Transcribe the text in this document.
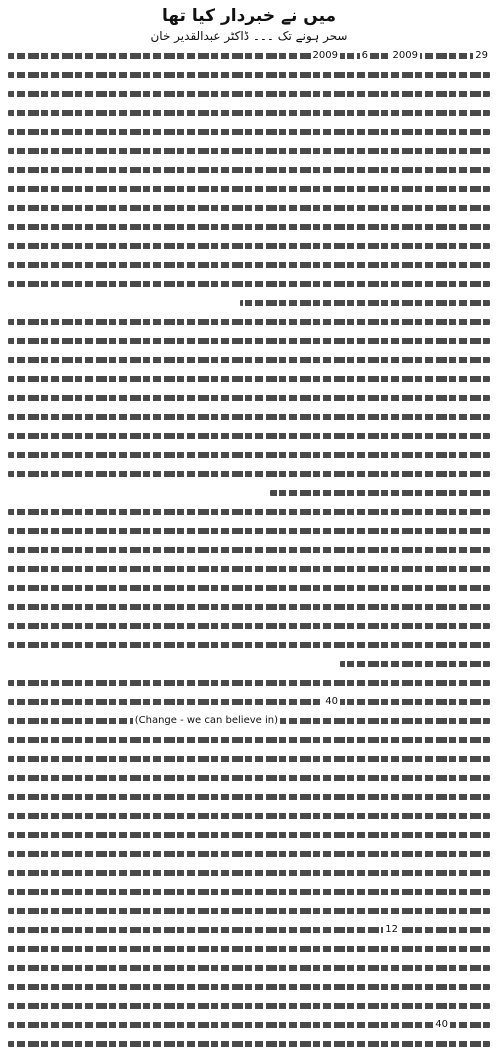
میں نے خبردار کیا تھا

سحر ہونے تک ۔۔۔ ڈاکٹر عبدالقدیر خان

29
2009
6
2009
40
(Change - we can believe in)
12
40
